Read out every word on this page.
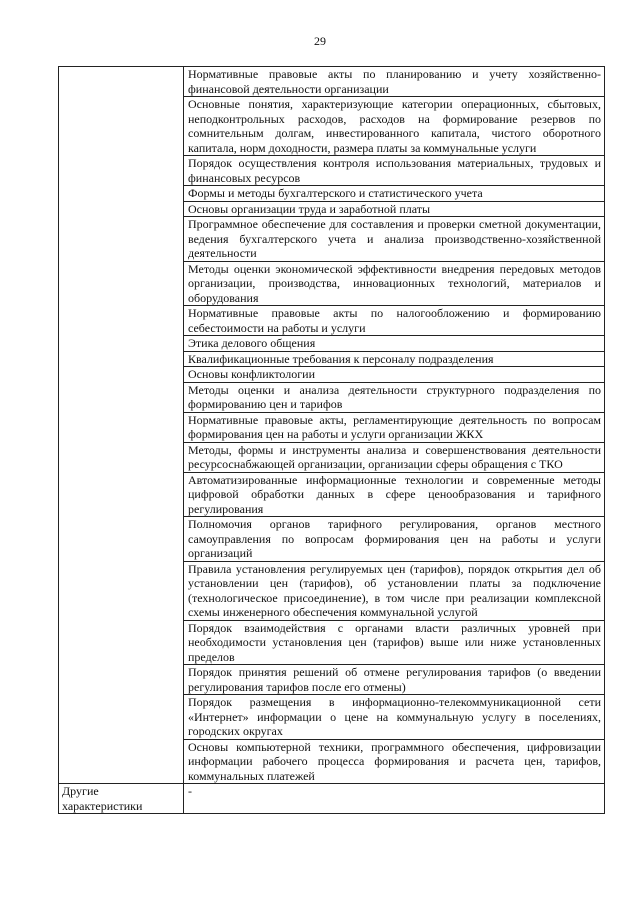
29
	Нормативные правовые акты по планированию и учету хозяйственно-финансовой деятельности организации
	Основные понятия, характеризующие категории операционных, сбытовых, неподконтрольных расходов, расходов на формирование резервов по сомнительным долгам, инвестированного капитала, чистого оборотного капитала, норм доходности, размера платы за коммунальные услуги
	Порядок осуществления контроля использования материальных, трудовых и финансовых ресурсов
	Формы и методы бухгалтерского и статистического учета
	Основы организации труда и заработной платы
	Программное обеспечение для составления и проверки сметной документации, ведения бухгалтерского учета и анализа производственно-хозяйственной деятельности
	Методы оценки экономической эффективности внедрения передовых методов организации, производства, инновационных технологий, материалов и оборудования
	Нормативные правовые акты по налогообложению и формированию себестоимости на работы и услуги
	Этика делового общения
	Квалификационные требования к персоналу подразделения
	Основы конфликтологии
	Методы оценки и анализа деятельности структурного подразделения по формированию цен и тарифов
	Нормативные правовые акты, регламентирующие деятельность по вопросам формирования цен на работы и услуги организации ЖКХ
	Методы, формы и инструменты анализа и совершенствования деятельности ресурсоснабжающей организации, организации сферы обращения с ТКО
	Автоматизированные информационные технологии и современные методы цифровой обработки данных в сфере ценообразования и тарифного регулирования
	Полномочия органов тарифного регулирования, органов местного самоуправления по вопросам формирования цен на работы и услуги организаций
	Правила установления регулируемых цен (тарифов), порядок открытия дел об установлении цен (тарифов), об установлении платы за подключение (технологическое присоединение), в том числе при реализации комплексной схемы инженерного обеспечения коммунальной услугой
	Порядок взаимодействия с органами власти различных уровней при необходимости установления цен (тарифов) выше или ниже установленных пределов
	Порядок принятия решений об отмене регулирования тарифов (о введении регулирования тарифов после его отмены)
	Порядок размещения в информационно-телекоммуникационной сети «Интернет» информации о цене на коммунальную услугу в поселениях, городских округах
	Основы компьютерной техники, программного обеспечения, цифровизации информации рабочего процесса формирования и расчета цен, тарифов, коммунальных платежей
Другие характеристики	-
